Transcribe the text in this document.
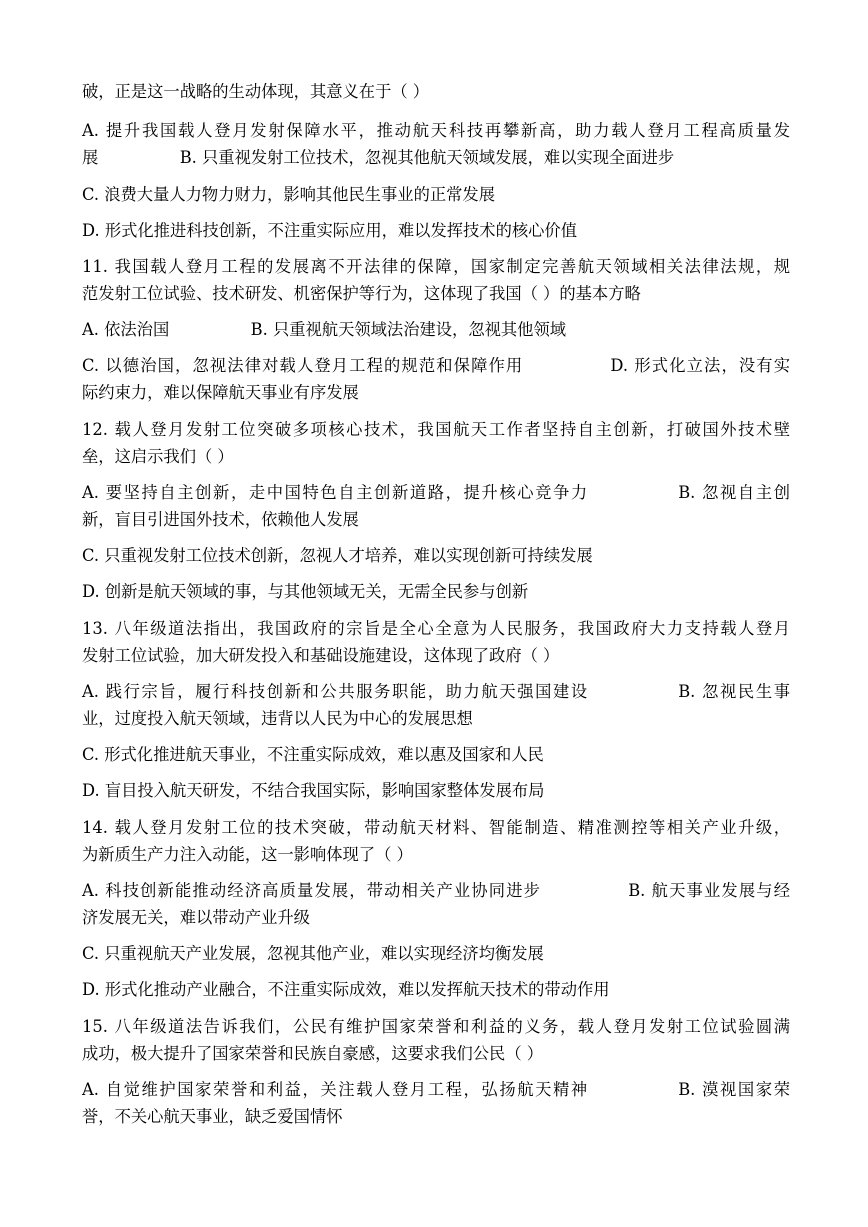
破，正是这一战略的生动体现，其意义在于（ ）
A. 提升我国载人登月发射保障水平，推动航天科技再攀新高，助力载人登月工程高质量发
展　　　　　B. 只重视发射工位技术，忽视其他航天领域发展，难以实现全面进步
C. 浪费大量人力物力财力，影响其他民生事业的正常发展
D. 形式化推进科技创新，不注重实际应用，难以发挥技术的核心价值
11. 我国载人登月工程的发展离不开法律的保障，国家制定完善航天领域相关法律法规，规
范发射工位试验、技术研发、机密保护等行为，这体现了我国（ ）的基本方略
A. 依法治国　　　　　B. 只重视航天领域法治建设，忽视其他领域
C. 以德治国，忽视法律对载人登月工程的规范和保障作用　　　　　D. 形式化立法，没有实
际约束力，难以保障航天事业有序发展
12. 载人登月发射工位突破多项核心技术，我国航天工作者坚持自主创新，打破国外技术壁
垒，这启示我们（ ）
A. 要坚持自主创新，走中国特色自主创新道路，提升核心竞争力　　　　　B. 忽视自主创
新，盲目引进国外技术，依赖他人发展
C. 只重视发射工位技术创新，忽视人才培养，难以实现创新可持续发展
D. 创新是航天领域的事，与其他领域无关，无需全民参与创新
13. 八年级道法指出，我国政府的宗旨是全心全意为人民服务，我国政府大力支持载人登月
发射工位试验，加大研发投入和基础设施建设，这体现了政府（ ）
A. 践行宗旨，履行科技创新和公共服务职能，助力航天强国建设　　　　　B. 忽视民生事
业，过度投入航天领域，违背以人民为中心的发展思想
C. 形式化推进航天事业，不注重实际成效，难以惠及国家和人民
D. 盲目投入航天研发，不结合我国实际，影响国家整体发展布局
14. 载人登月发射工位的技术突破，带动航天材料、智能制造、精准测控等相关产业升级，
为新质生产力注入动能，这一影响体现了（ ）
A. 科技创新能推动经济高质量发展，带动相关产业协同进步　　　　　B. 航天事业发展与经
济发展无关，难以带动产业升级
C. 只重视航天产业发展，忽视其他产业，难以实现经济均衡发展
D. 形式化推动产业融合，不注重实际成效，难以发挥航天技术的带动作用
15. 八年级道法告诉我们，公民有维护国家荣誉和利益的义务，载人登月发射工位试验圆满
成功，极大提升了国家荣誉和民族自豪感，这要求我们公民（ ）
A. 自觉维护国家荣誉和利益，关注载人登月工程，弘扬航天精神　　　　　B. 漠视国家荣
誉，不关心航天事业，缺乏爱国情怀
